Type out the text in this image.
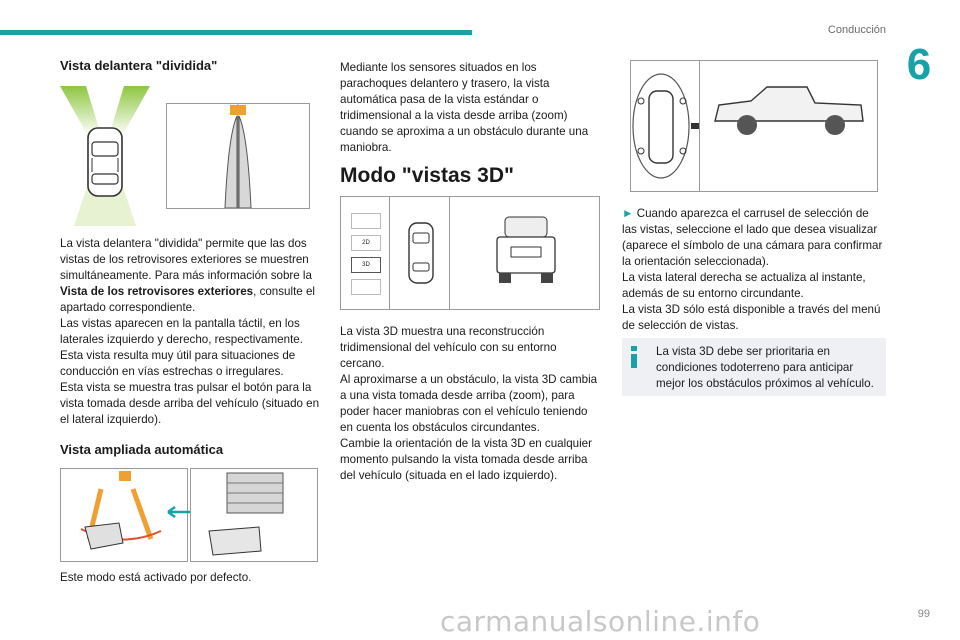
Conducción
6
Vista delantera "dividida"

La vista delantera "dividida" permite que las dos vistas de los retrovisores exteriores se muestren simultáneamente. Para más información sobre la Vista de los retrovisores exteriores, consulte el apartado correspondiente.

Las vistas aparecen en la pantalla táctil, en los laterales izquierdo y derecho, respectivamente. Esta vista resulta muy útil para situaciones de conducción en vías estrechas o irregulares.

Esta vista se muestra tras pulsar el botón para la vista tomada desde arriba del vehículo (situado en el lateral izquierdo).

Vista ampliada automática
Este modo está activado por defecto.
Mediante los sensores situados en los parachoques delantero y trasero, la vista automática pasa de la vista estándar o tridimensional a la vista desde arriba (zoom) cuando se aproxima a un obstáculo durante una maniobra.
Modo "vistas 3D"
2D
3D

La vista 3D muestra una reconstrucción tridimensional del vehículo con su entorno cercano.

Al aproximarse a un obstáculo, la vista 3D cambia a una vista tomada desde arriba (zoom), para poder hacer maniobras con el vehículo teniendo en cuenta los obstáculos circundantes.

Cambie la orientación de la vista 3D en cualquier momento pulsando la vista tomada desde arriba del vehículo (situada en el lado izquierdo).

► Cuando aparezca el carrusel de selección de las vistas, seleccione el lado que desea visualizar (aparece el símbolo de una cámara para confirmar la orientación seleccionada).

La vista lateral derecha se actualiza al instante, además de su entorno circundante.

La vista 3D sólo está disponible a través del menú de selección de vistas.

La vista 3D debe ser prioritaria en condiciones todoterreno para anticipar mejor los obstáculos próximos al vehículo.
carmanualsonline.info	99
